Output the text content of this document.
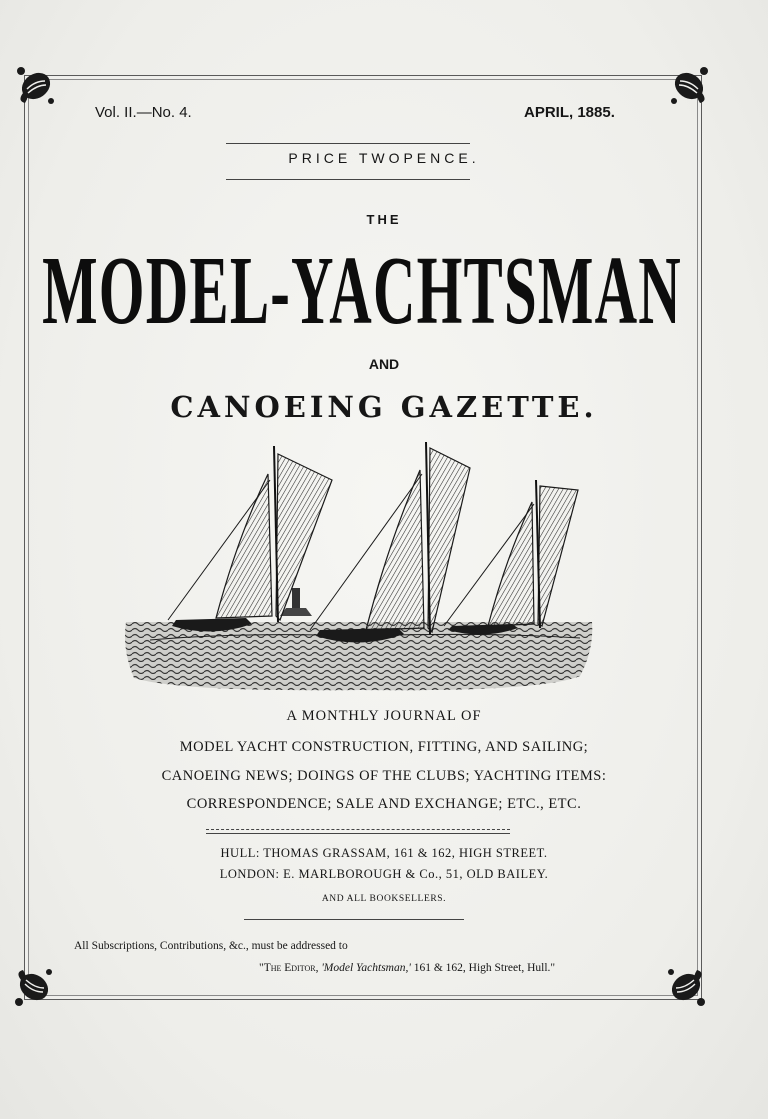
Vol. II.—No. 4.	APRIL, 1885.
PRICE TWOPENCE.
THE
MODEL-YACHTSMAN
AND
CANOEING GAZETTE.
A MONTHLY JOURNAL OF
MODEL YACHT CONSTRUCTION, FITTING, AND SAILING;
CANOEING NEWS; DOINGS OF THE CLUBS; YACHTING ITEMS:
CORRESPONDENCE; SALE AND EXCHANGE; ETC., ETC.
HULL: THOMAS GRASSAM, 161 & 162, HIGH STREET.
LONDON: E. MARLBOROUGH & Co., 51, OLD BAILEY.
AND ALL BOOKSELLERS.
All Subscriptions, Contributions, &c., must be addressed to
"The Editor, 'Model Yachtsman,' 161 & 162, High Street, Hull."
